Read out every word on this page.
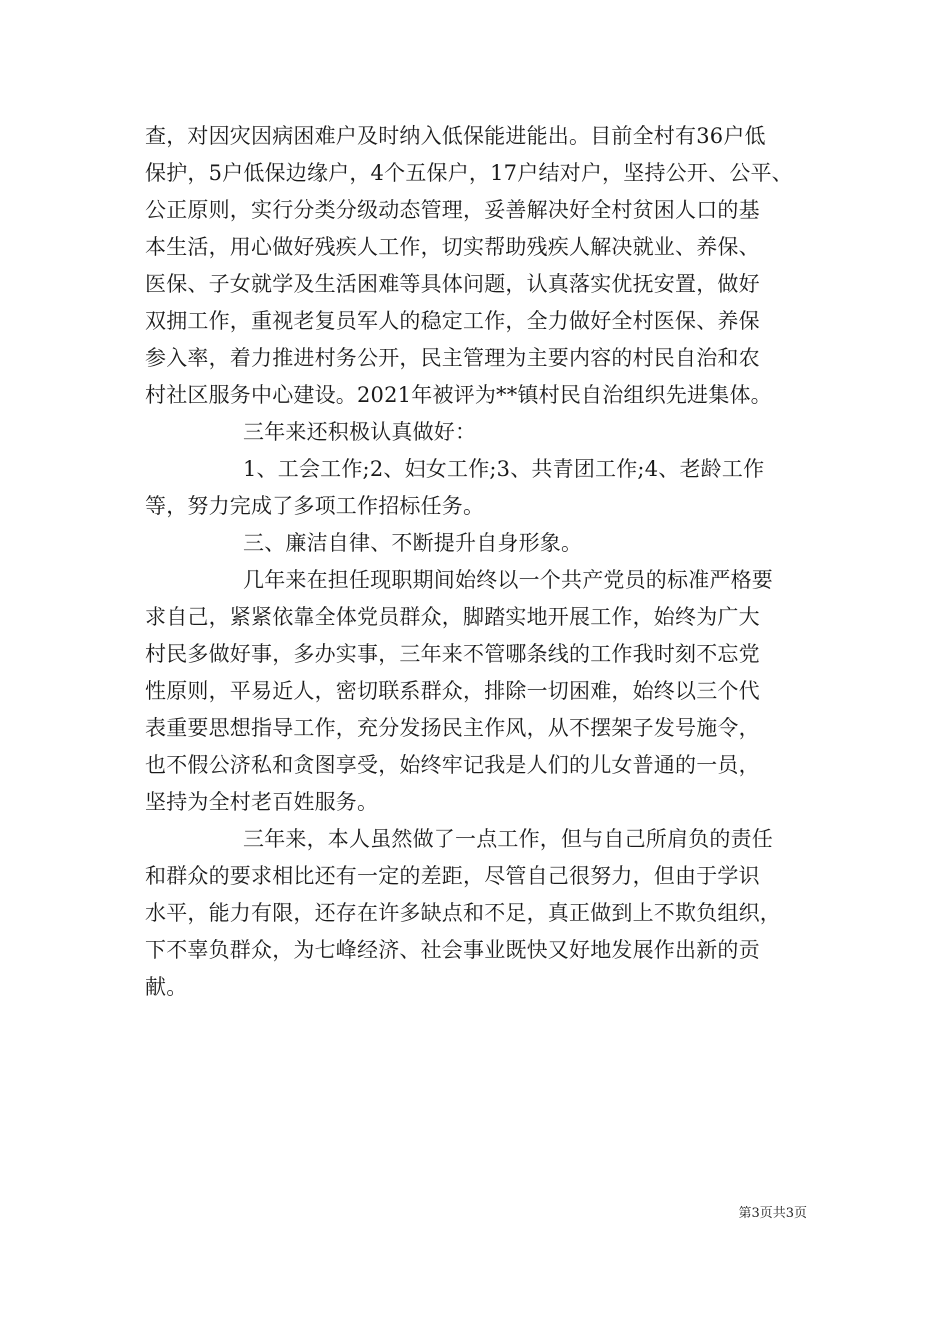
查，对因灾因病困难户及时纳入低保能进能出。目前全村有36户低
保护，5户低保边缘户，4个五保户，17户结对户，坚持公开、公平、
公正原则，实行分类分级动态管理，妥善解决好全村贫困人口的基
本生活，用心做好残疾人工作，切实帮助残疾人解决就业、养保、
医保、子女就学及生活困难等具体问题，认真落实优抚安置，做好
双拥工作，重视老复员军人的稳定工作，全力做好全村医保、养保
参入率，着力推进村务公开，民主管理为主要内容的村民自治和农
村社区服务中心建设。2021年被评为**镇村民自治组织先进集体。
三年来还积极认真做好：
1、工会工作;2、妇女工作;3、共青团工作;4、老龄工作
等，努力完成了多项工作招标任务。
三、廉洁自律、不断提升自身形象。
几年来在担任现职期间始终以一个共产党员的标准严格要
求自己，紧紧依靠全体党员群众，脚踏实地开展工作，始终为广大
村民多做好事，多办实事，三年来不管哪条线的工作我时刻不忘党
性原则，平易近人，密切联系群众，排除一切困难，始终以三个代
表重要思想指导工作，充分发扬民主作风，从不摆架子发号施令，
也不假公济私和贪图享受，始终牢记我是人们的儿女普通的一员，
坚持为全村老百姓服务。
三年来，本人虽然做了一点工作，但与自己所肩负的责任
和群众的要求相比还有一定的差距，尽管自己很努力，但由于学识
水平，能力有限，还存在许多缺点和不足，真正做到上不欺负组织，
下不辜负群众，为七峰经济、社会事业既快又好地发展作出新的贡
献。
第3页共3页
